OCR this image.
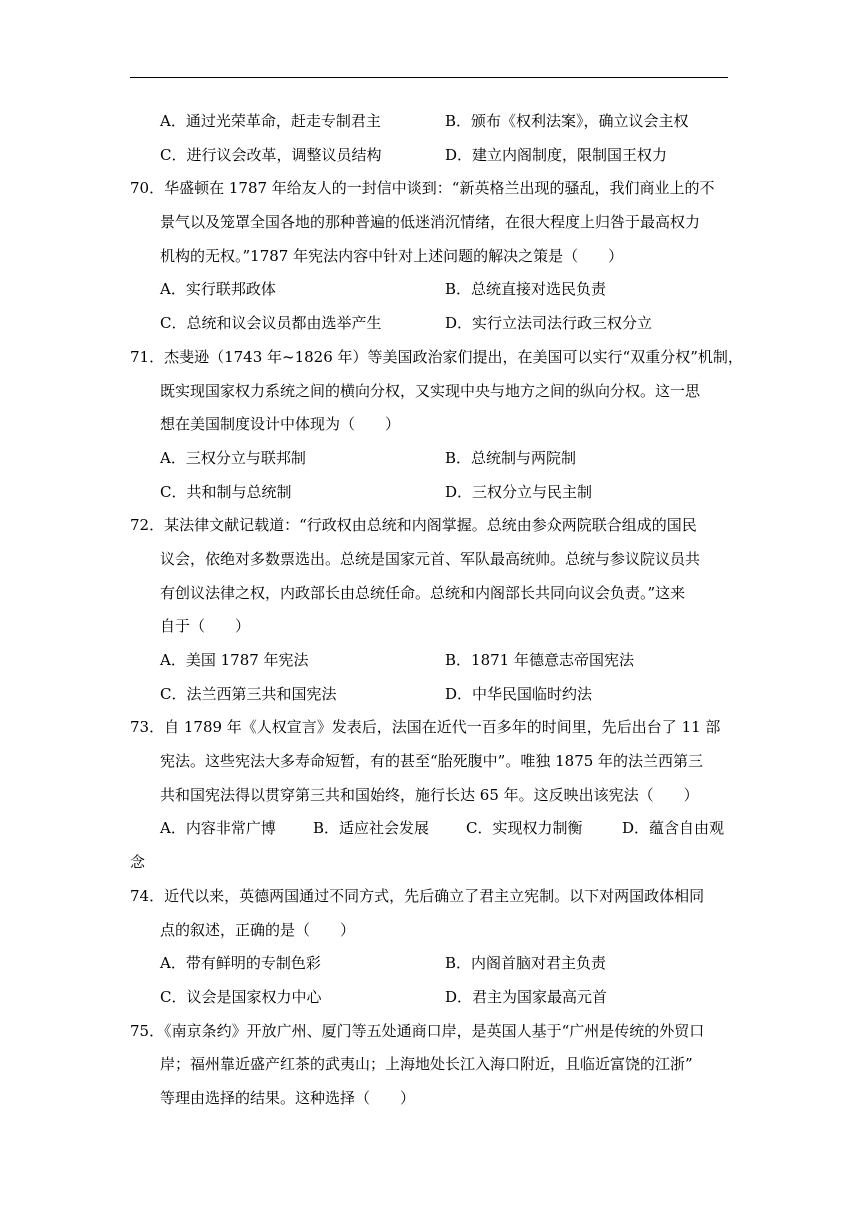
A．通过光荣革命，赶走专制君主	B．颁布《权利法案》，确立议会主权
C．进行议会改革，调整议员结构	D．建立内阁制度，限制国王权力
70．华盛顿在 1787 年给友人的一封信中谈到：“新英格兰出现的骚乱，我们商业上的不
景气以及笼罩全国各地的那种普遍的低迷消沉情绪，在很大程度上归咎于最高权力
机构的无权。”1787 年宪法内容中针对上述问题的解决之策是（　　）
A．实行联邦政体	B．总统直接对选民负责
C．总统和议会议员都由选举产生	D．实行立法司法行政三权分立
71．杰斐逊（1743 年~1826 年）等美国政治家们提出，在美国可以实行“双重分权”机制，
既实现国家权力系统之间的横向分权，又实现中央与地方之间的纵向分权。这一思
想在美国制度设计中体现为（　　）
A．三权分立与联邦制	B．总统制与两院制
C．共和制与总统制	D．三权分立与民主制
72．某法律文献记载道：“行政权由总统和内阁掌握。总统由参众两院联合组成的国民
议会，依绝对多数票选出。总统是国家元首、军队最高统帅。总统与参议院议员共
有创议法律之权，内政部长由总统任命。总统和内阁部长共同向议会负责。”这来
自于（　　）
A．美国 1787 年宪法	B．1871 年德意志帝国宪法
C．法兰西第三共和国宪法	D．中华民国临时约法
73．自 1789 年《人权宣言》发表后，法国在近代一百多年的时间里，先后出台了 11 部
宪法。这些宪法大多寿命短暂，有的甚至“胎死腹中”。唯独 1875 年的法兰西第三
共和国宪法得以贯穿第三共和国始终，施行长达 65 年。这反映出该宪法（　　）
A．内容非常广博	B．适应社会发展	C．实现权力制衡	D．蕴含自由观
念
74．近代以来，英德两国通过不同方式，先后确立了君主立宪制。以下对两国政体相同
点的叙述，正确的是（　　）
A．带有鲜明的专制色彩	B．内阁首脑对君主负责
C．议会是国家权力中心	D．君主为国家最高元首
75．《南京条约》开放广州、厦门等五处通商口岸，是英国人基于“广州是传统的外贸口
岸；福州靠近盛产红茶的武夷山；上海地处长江入海口附近，且临近富饶的江浙”
等理由选择的结果。这种选择（　　）
